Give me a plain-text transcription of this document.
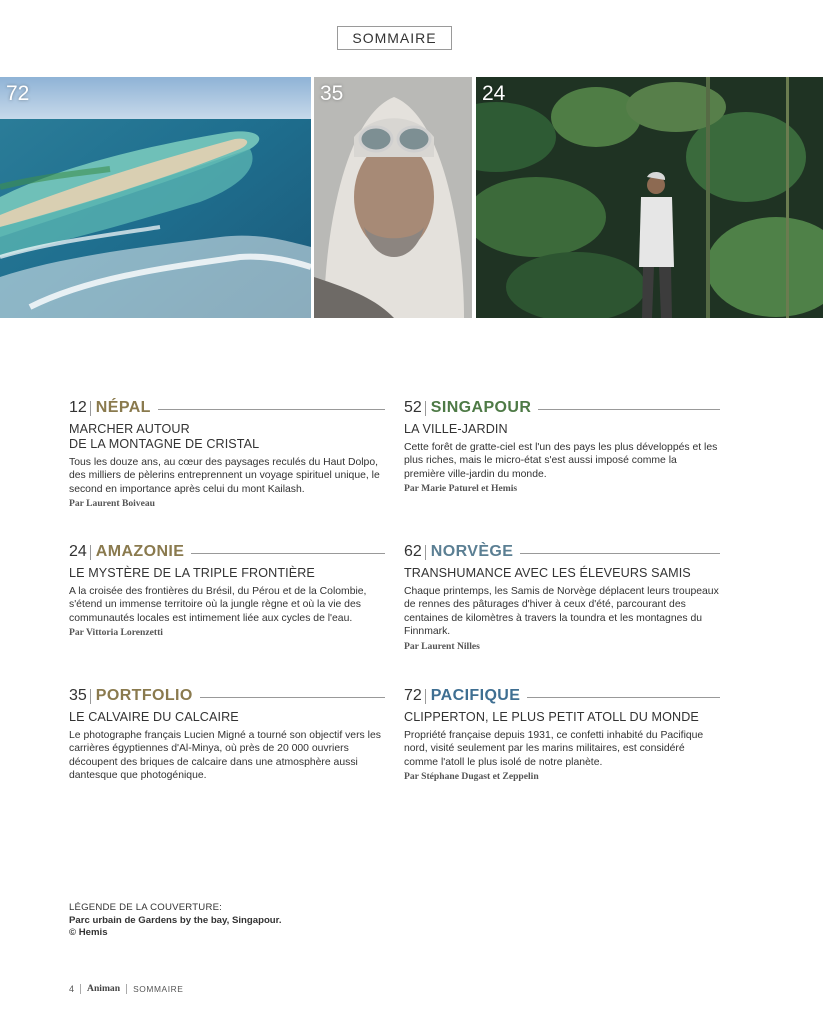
SOMMAIRE
72	35	24
12 NÉPAL
MARCHER AUTOUR
DE LA MONTAGNE DE CRISTAL
Tous les douze ans, au cœur des paysages reculés du Haut Dolpo, des milliers de pèlerins entreprennent un voyage spirituel unique, le second en importance après celui du mont Kailash.
Par Laurent Boiveau
52 SINGAPOUR
LA VILLE-JARDIN
Cette forêt de gratte-ciel est l'un des pays les plus développés et les plus riches, mais le micro-état s'est aussi imposé comme la première ville-jardin du monde.
Par Marie Paturel et Hemis
24 AMAZONIE
LE MYSTÈRE DE LA TRIPLE FRONTIÈRE
A la croisée des frontières du Brésil, du Pérou et de la Colombie, s'étend un immense territoire où la jungle règne et où la vie des communautés locales est intimement liée aux cycles de l'eau.
Par Vittoria Lorenzetti
62 NORVÈGE
TRANSHUMANCE AVEC LES ÉLEVEURS SAMIS
Chaque printemps, les Samis de Norvège déplacent leurs troupeaux de rennes des pâturages d'hiver à ceux d'été, parcourant des centaines de kilomètres à travers la toundra et les montagnes du Finnmark.
Par Laurent Nilles
35 PORTFOLIO
LE CALVAIRE DU CALCAIRE
Le photographe français Lucien Migné a tourné son objectif vers les carrières égyptiennes d'Al-Minya, où près de 20 000 ouvriers découpent des briques de calcaire dans une atmosphère aussi dantesque que photogénique.
72 PACIFIQUE
CLIPPERTON, LE PLUS PETIT ATOLL DU MONDE
Propriété française depuis 1931, ce confetti inhabité du Pacifique nord, visité seulement par les marins militaires, est considéré comme l'atoll le plus isolé de notre planète.
Par Stéphane Dugast et Zeppelin
LÉGENDE DE LA COUVERTURE:
Parc urbain de Gardens by the bay, Singapour.
© Hemis
4 Animan SOMMAIRE
